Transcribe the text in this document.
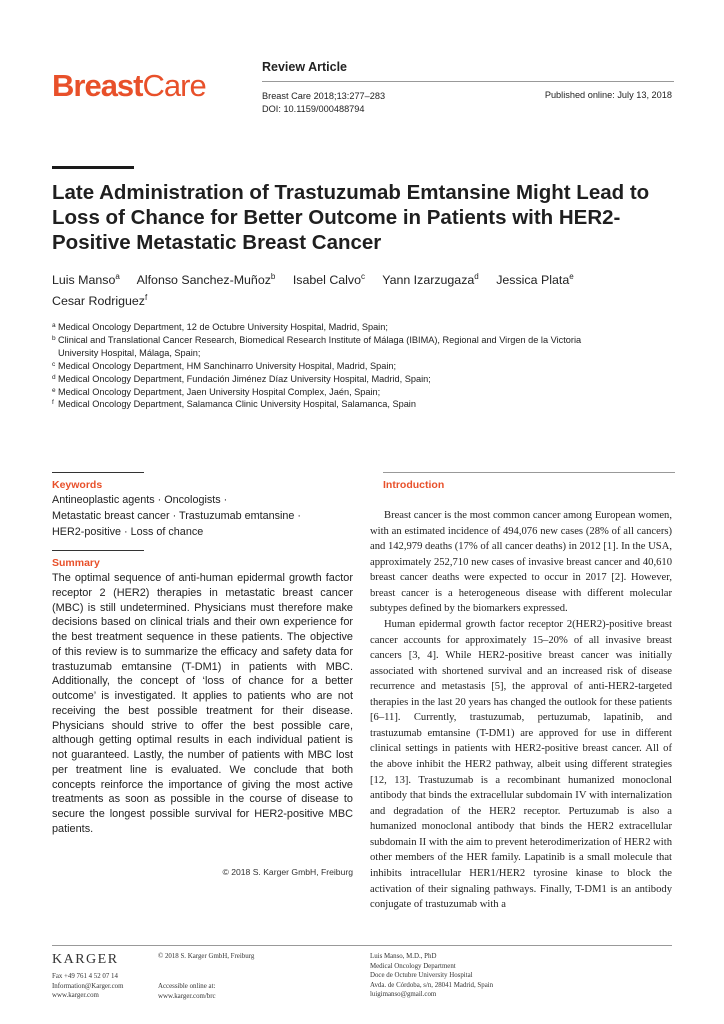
BreastCare
Review Article
Breast Care 2018;13:277–283
DOI: 10.1159/000488794
Published online: July 13, 2018
Late Administration of Trastuzumab Emtansine Might Lead to Loss of Chance for Better Outcome in Patients with HER2-Positive Metastatic Breast Cancer
Luis Manso$^a$ Alfonso Sanchez-Muñoz$^b$ Isabel Calvo$^c$ Yann Izarzugaza$^d$ Jessica Plata$^e$
Cesar Rodriguez$^f$
a Medical Oncology Department, 12 de Octubre University Hospital, Madrid, Spain;
b Clinical and Translational Cancer Research, Biomedical Research Institute of Málaga (IBIMA), Regional and Virgen de la Victoria
University Hospital, Málaga, Spain;
c Medical Oncology Department, HM Sanchinarro University Hospital, Madrid, Spain;
d Medical Oncology Department, Fundación Jiménez Díaz University Hospital, Madrid, Spain;
e Medical Oncology Department, Jaen University Hospital Complex, Jaén, Spain;
f Medical Oncology Department, Salamanca Clinic University Hospital, Salamanca, Spain
Keywords
Antineoplastic agents · Oncologists ·
Metastatic breast cancer · Trastuzumab emtansine ·
HER2-positive · Loss of chance
Summary
The optimal sequence of anti-human epidermal growth factor receptor 2 (HER2) therapies in metastatic breast cancer (MBC) is still undetermined. Physicians must therefore make decisions based on clinical trials and their own experience for the best treatment sequence in these patients. The objective of this review is to summarize the efficacy and safety data for trastuzumab emtansine (T-DM1) in patients with MBC. Additionally, the concept of ‘loss of chance for a better outcome’ is investigated. It applies to patients who are not receiving the best possible treatment for their disease. Physicians should strive to offer the best possible care, although getting optimal results in each individual patient is not guaranteed. Lastly, the number of patients with MBC lost per treatment line is evaluated. We conclude that both concepts reinforce the importance of giving the most active treatments as soon as possible in the course of disease to secure the longest possible survival for HER2-positive MBC patients.
© 2018 S. Karger GmbH, Freiburg
Introduction

Breast cancer is the most common cancer among European women, with an estimated incidence of 494,076 new cases (28% of all cancers) and 142,979 deaths (17% of all cancer deaths) in 2012 [1]. In the USA, approximately 252,710 new cases of invasive breast cancer and 40,610 breast cancer deaths were expected to occur in 2017 [2]. However, breast cancer is a heterogeneous disease with different molecular subtypes defined by the biomarkers expressed.

Human epidermal growth factor receptor 2(HER2)-positive breast cancer accounts for approximately 15–20% of all invasive breast cancers [3, 4]. While HER2-positive breast cancer was initially associated with shortened survival and an increased risk of disease recurrence and metastasis [5], the approval of anti-HER2-targeted therapies in the last 20 years has changed the outlook for these patients [6–11]. Currently, trastuzumab, pertuzumab, lapatinib, and trastuzumab emtansine (T-DM1) are approved for use in different clinical settings in patients with HER2-positive breast cancer. All of the above inhibit the HER2 pathway, albeit using different strategies [12, 13]. Trastuzumab is a recombinant humanized monoclonal antibody that binds the extracellular subdomain IV with internalization and degradation of the HER2 receptor. Pertuzumab is also a humanized monoclonal antibody that binds the HER2 extracellular subdomain II with the aim to prevent heterodimerization of HER2 with other members of the HER family. Lapatinib is a small molecule that inhibits intracellular HER1/HER2 tyrosine kinase to block the activation of their signaling pathways. Finally, T-DM1 is an antibody conjugate of trastuzumab with a

KARGER
Fax +49 761 4 52 07 14
Information@Karger.com
www.karger.com
© 2018 S. Karger GmbH, Freiburg
Accessible online at:
www.karger.com/brc
Luis Manso, M.D., PhD
Medical Oncology Department
Doce de Octubre University Hospital
Avda. de Córdoba, s/n, 28041 Madrid, Spain
luigimanso@gmail.com
